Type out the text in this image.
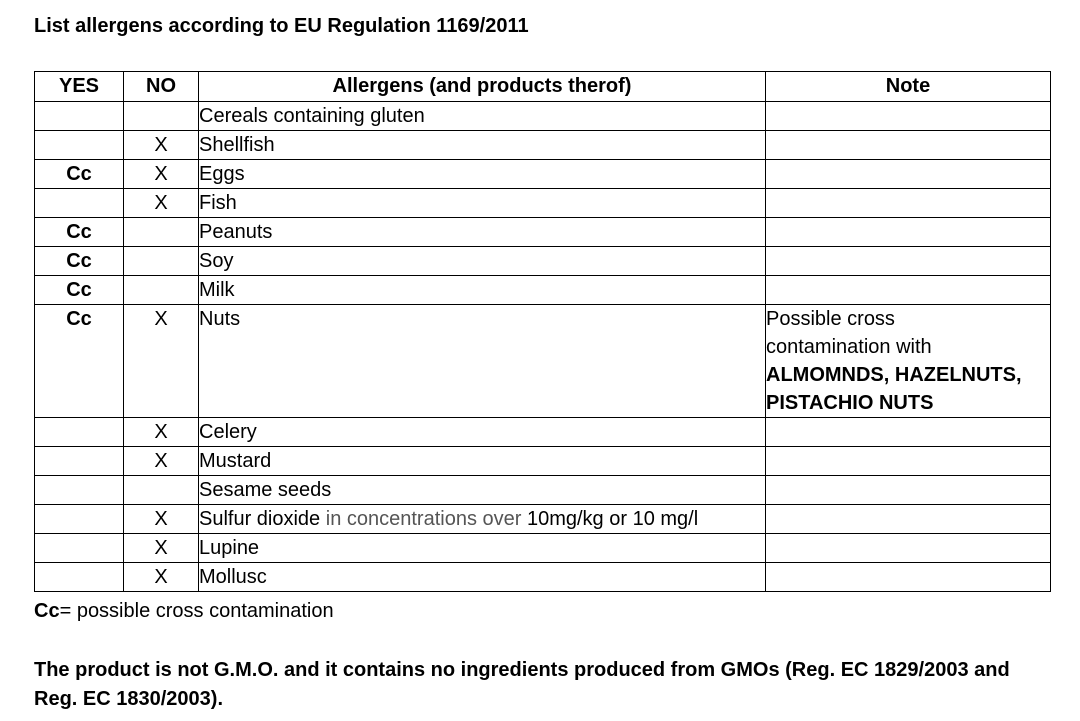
List allergens according to EU Regulation 1169/2011
YES	NO	Allergens (and products therof)	Note
		Cereals containing gluten	
	X	Shellfish	
Cc	X	Eggs	
	X	Fish	
Cc		Peanuts	
Cc		Soy	
Cc		Milk	
Cc	X	Nuts	Possible cross
contamination with
ALMOMNDS, HAZELNUTS,
PISTACHIO NUTS

	X	Celery	
	X	Mustard	
		Sesame seeds	
	X	Sulfur dioxide in concentrations over 10mg/kg or 10 mg/l	
	X	Lupine	
	X	Mollusc	
Cc= possible cross contamination
The product is not G.M.O. and it contains no ingredients produced from GMOs (Reg. EC 1829/2003 and Reg. EC 1830/2003).
